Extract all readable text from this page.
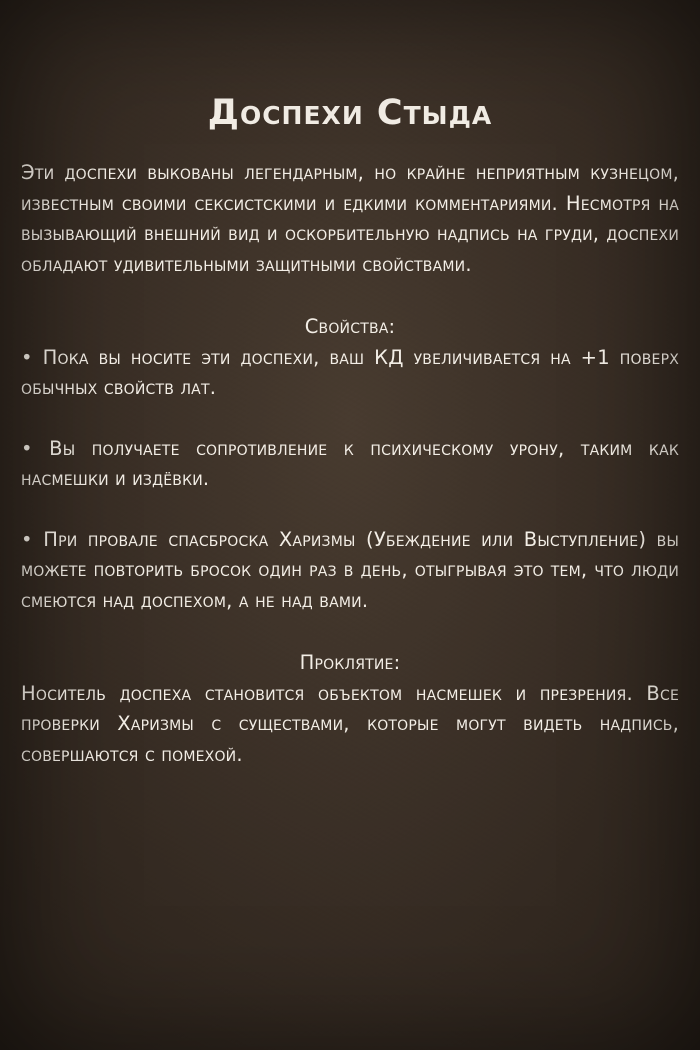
Доспехи Стыда

Эти доспехи выкованы легендарным, но крайне неприятным кузнецом, известным своими сексистскими и едкими комментариями. Несмотря на вызывающий внешний вид и оскорбительную надпись на груди, доспехи обладают удивительными защитными свойствами.

Свойства:

• Пока вы носите эти доспехи, ваш КД увеличивается на +1 поверх обычных свойств лат.

• Вы получаете сопротивление к психическому урону, таким как насмешки и издёвки.

• При провале спасброска Харизмы (Убеждение или Выступление) вы можете повторить бросок один раз в день, отыгрывая это тем, что люди смеются над доспехом, а не над вами.

Проклятие:

Носитель доспеха становится объектом насмешек и презрения. Все проверки Харизмы с существами, которые могут видеть надпись, совершаются с помехой.
